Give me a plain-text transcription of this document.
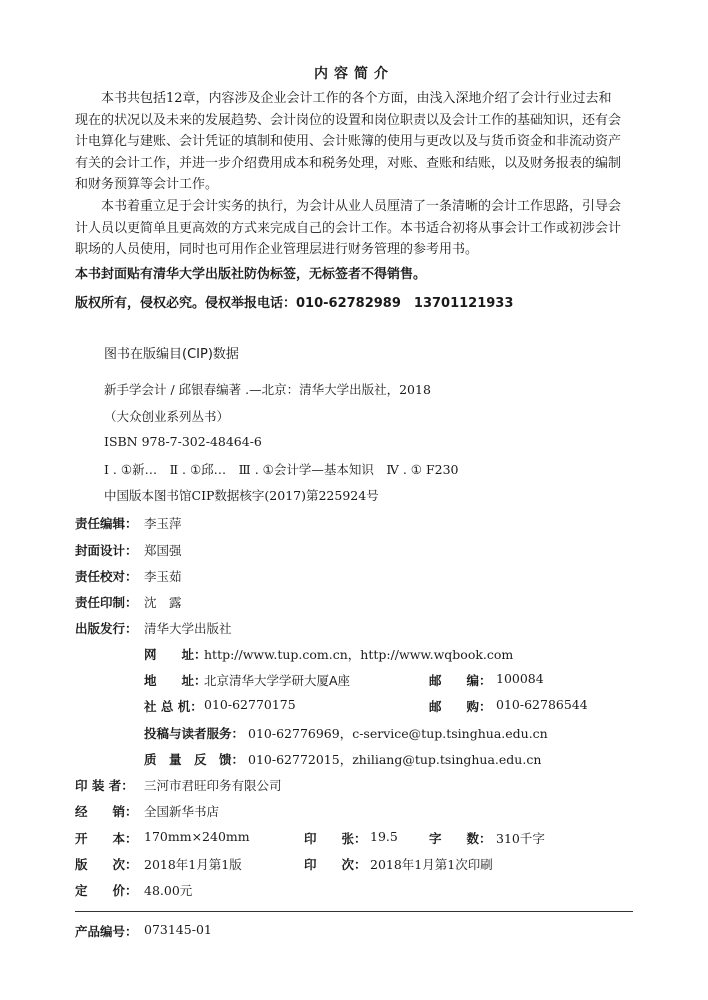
内容简介
　　本书共包括12章，内容涉及企业会计工作的各个方面，由浅入深地介绍了会计行业过去和
现在的状况以及未来的发展趋势、会计岗位的设置和岗位职责以及会计工作的基础知识，还有会
计电算化与建账、会计凭证的填制和使用、会计账簿的使用与更改以及与货币资金和非流动资产
有关的会计工作，并进一步介绍费用成本和税务处理，对账、查账和结账，以及财务报表的编制
和财务预算等会计工作。
　　本书着重立足于会计实务的执行，为会计从业人员厘清了一条清晰的会计工作思路，引导会
计人员以更简单且更高效的方式来完成自己的会计工作。本书适合初将从事会计工作或初涉会计
职场的人员使用，同时也可用作企业管理层进行财务管理的参考用书。
本书封面贴有清华大学出版社防伪标签，无标签者不得销售。
版权所有，侵权必究。侵权举报电话：010-62782989　13701121933
图书在版编目(CIP)数据
新手学会计 / 邱银春编著 .—北京：清华大学出版社，2018
（大众创业系列丛书）
ISBN 978-7-302-48464-6
Ⅰ . ①新…　Ⅱ . ①邱…　Ⅲ . ①会计学—基本知识　Ⅳ . ① F230
中国版本图书馆CIP数据核字(2017)第225924号
责任编辑： 李玉萍
封面设计： 郑国强
责任校对： 李玉茹
责任印制： 沈　露
出版发行： 清华大学出版社
网　　址：
http://www.tup.com.cn，http://www.wqbook.com
地　　址：
北京清华大学学研大厦A座	邮　　编： 100084
社 总 机： 010-62770175	邮　　购： 010-62786544
投稿与读者服务： 010-62776969，c-service@tup.tsinghua.edu.cn
质　量　反　馈： 010-62772015，zhiliang@tup.tsinghua.edu.cn
印 装 者： 三河市君旺印务有限公司
经　　销： 全国新华书店
开　　本： 170mm×240mm	印　　张： 19.5 字　　数： 310千字
版　　次： 2018年1月第1版	印　　次： 2018年1月第1次印刷
定　　价： 48.00元
产品编号： 073145-01
